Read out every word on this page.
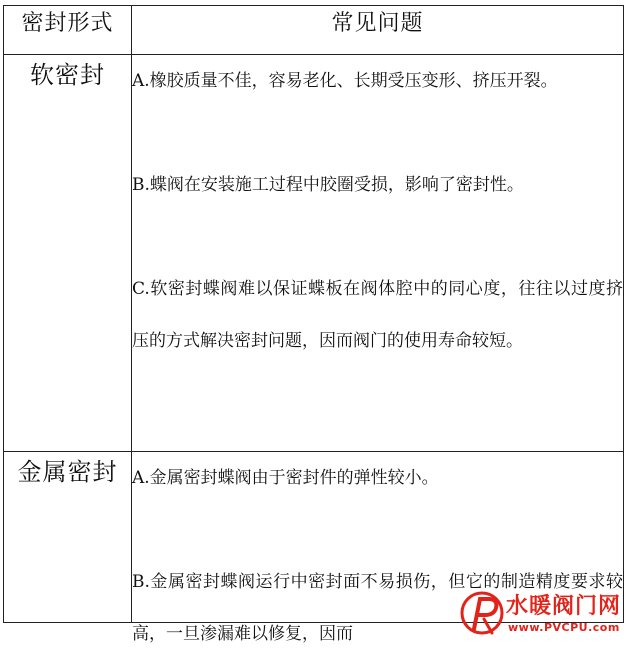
密封形式	常见问题
软密封	A.橡胶质量不佳，容易老化、长期受压变形、挤压开裂。

B.蝶阀在安装施工过程中胶圈受损，影响了密封性。

C.软密封蝶阀难以保证蝶板在阀体腔中的同心度，往往以过度挤压的方式解决密封问题，因而阀门的使用寿命较短。

金属密封	A.金属密封蝶阀由于密封件的弹性较小。

B.金属密封蝶阀运行中密封面不易损伤，但它的制造精度要求较高，一旦渗漏难以修复，因而

水暖阀门网
www.PVCPU.com
